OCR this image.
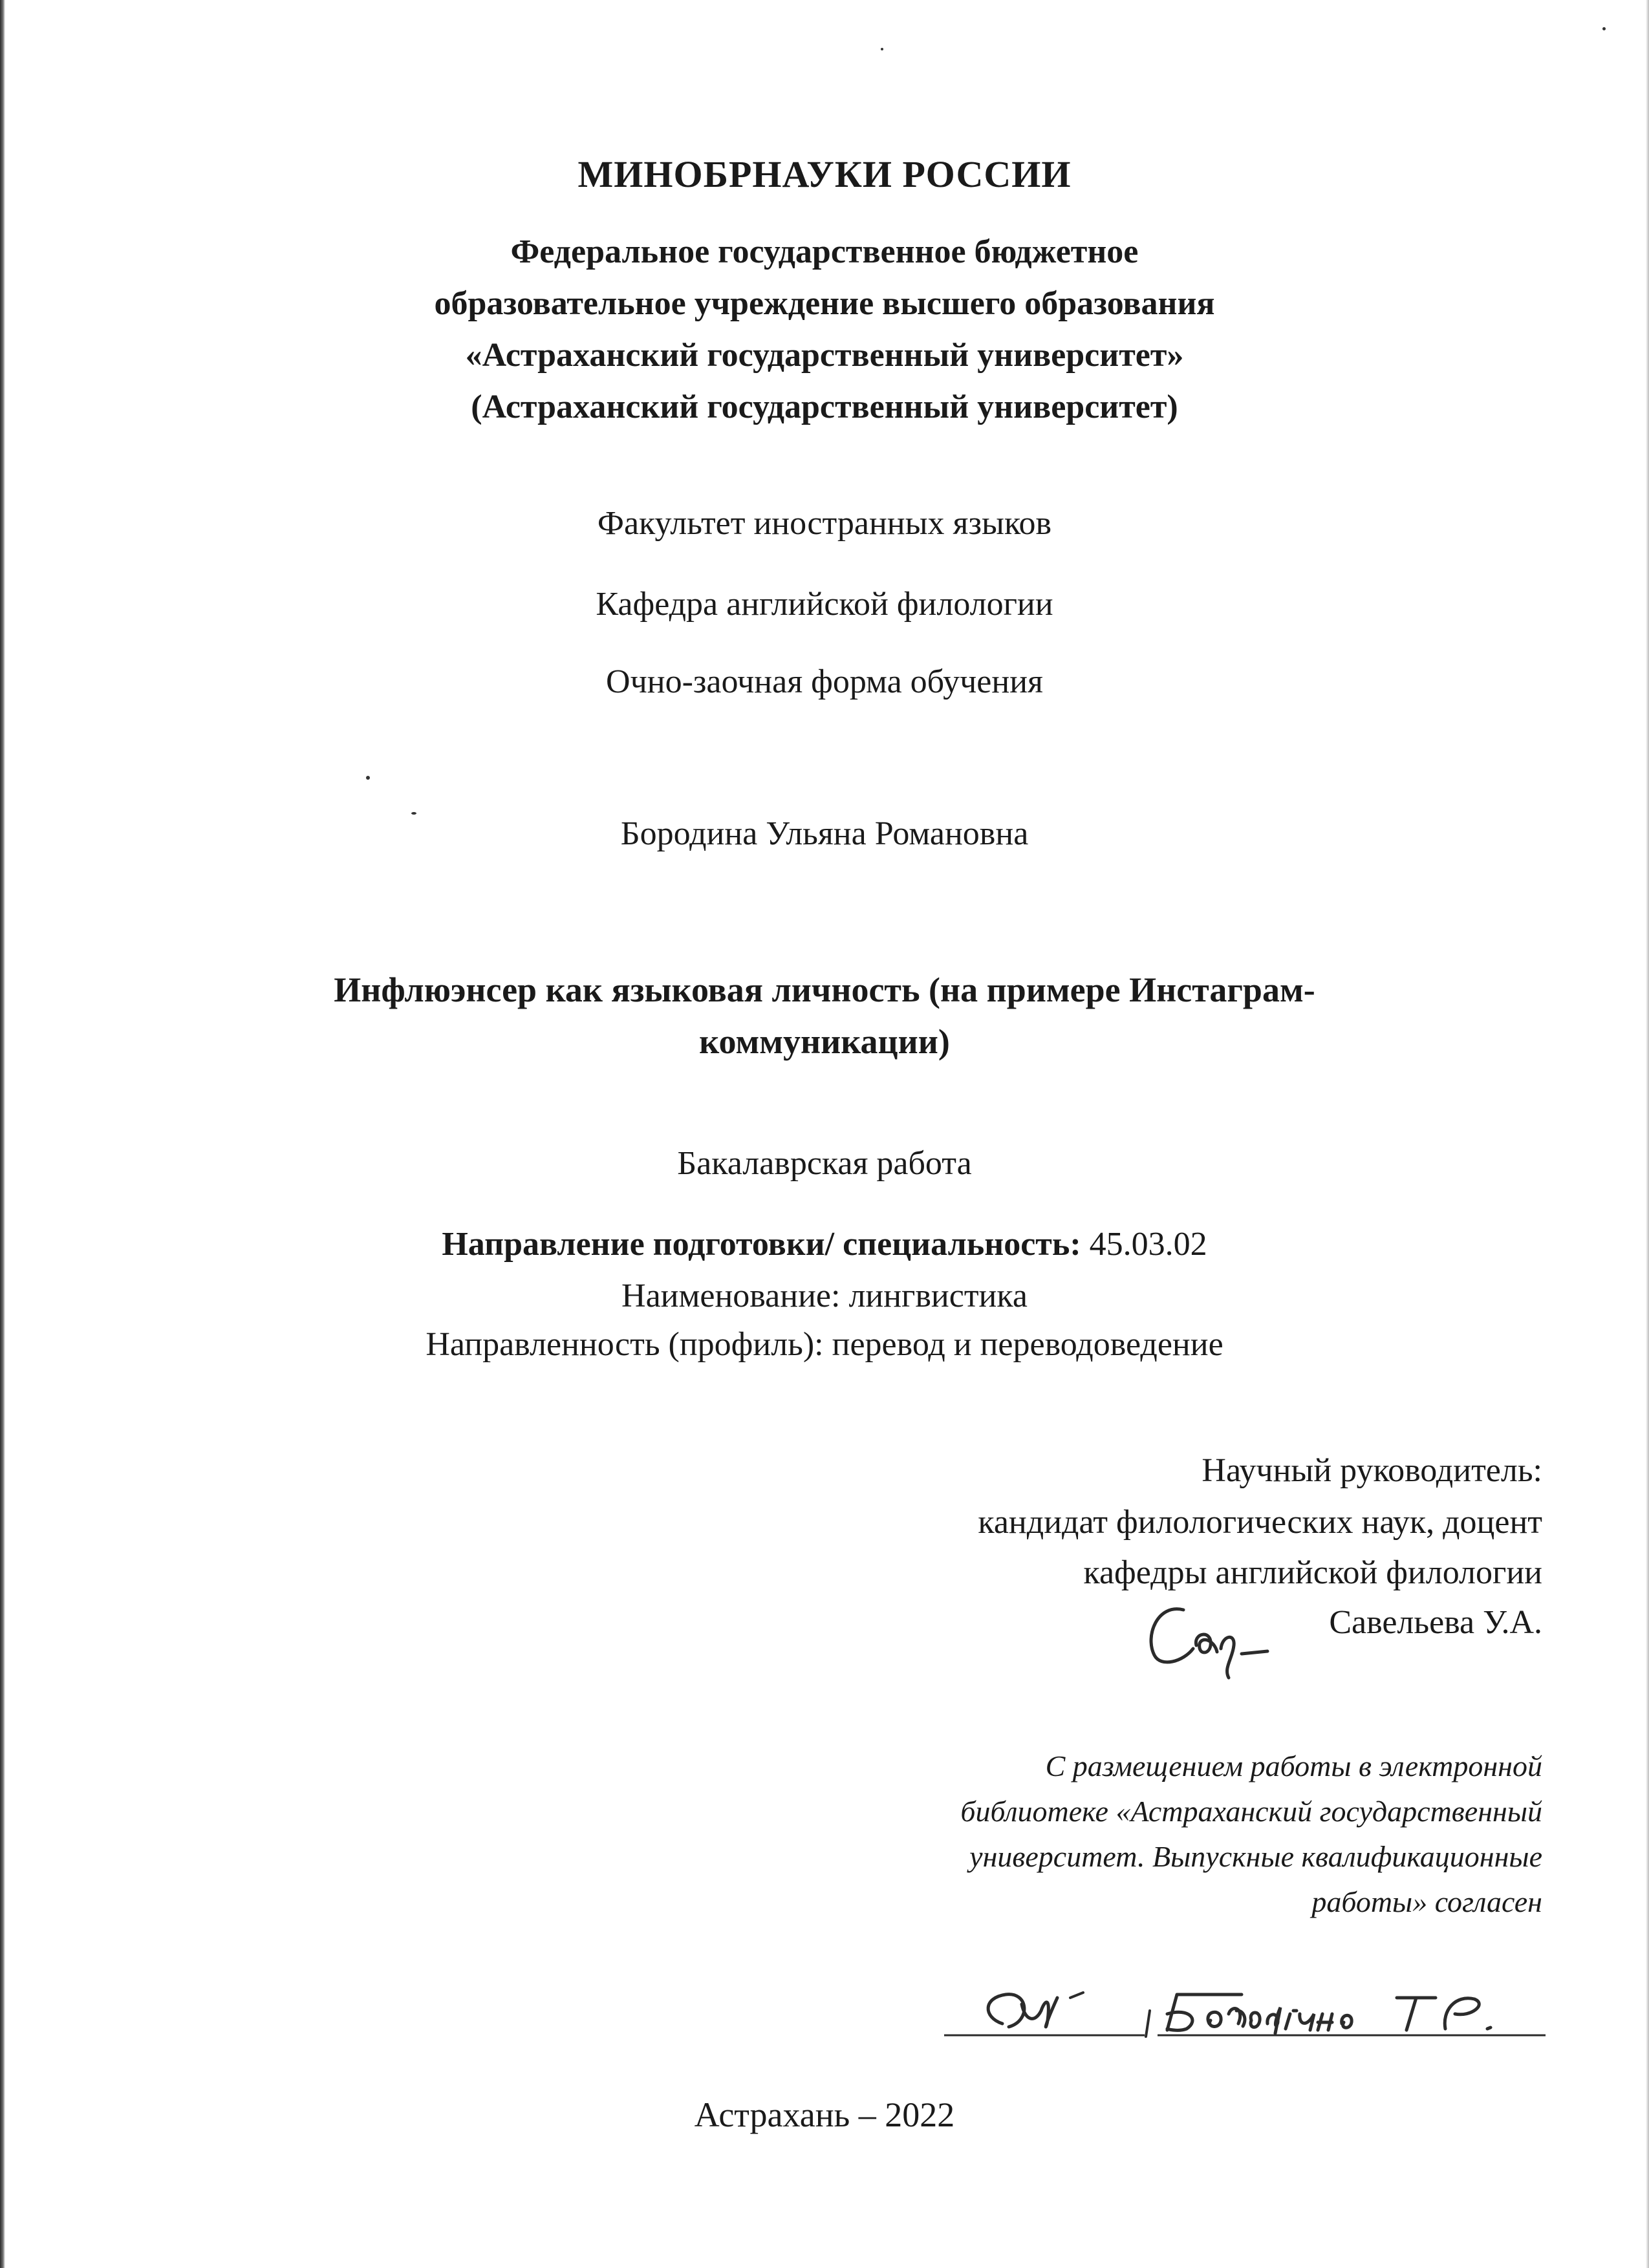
МИНОБРНАУКИ РОССИИ
Федеральное государственное бюджетное
образовательное учреждение высшего образования
«Астраханский государственный университет»
(Астраханский государственный университет)
Факультет иностранных языков
Кафедра английской филологии
Очно-заочная форма обучения
Бородина Ульяна Романовна
Инфлюэнсер как языковая личность (на примере Инстаграм-
коммуникации)
Бакалаврская работа
Направление подготовки/ специальность: 45.03.02
Наименование: лингвистика
Направленность (профиль): перевод и переводоведение
Научный руководитель:
кандидат филологических наук, доцент
кафедры английской филологии
Савельева У.А.
С размещением работы в электронной
библиотеке «Астраханский государственный
университет. Выпускные квалификационные
работы» согласен
Астрахань – 2022
